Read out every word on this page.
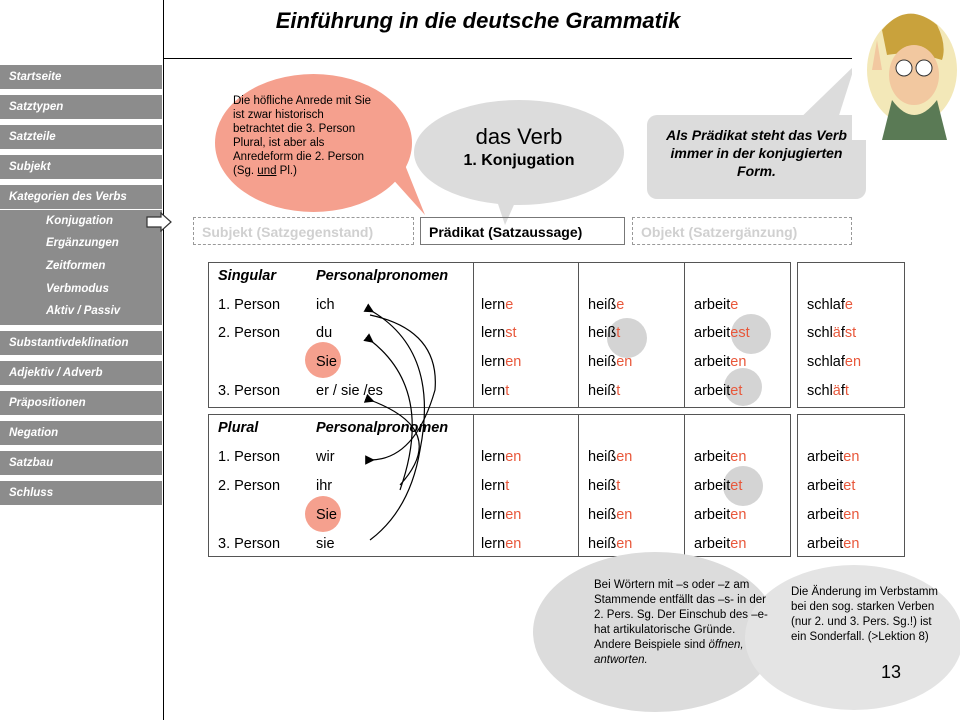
Einführung in die deutsche Grammatik
Startseite
Satztypen
Satzteile
Subjekt
Kategorien des Verbs
Konjugation
Ergänzungen
Zeitformen
Verbmodus
Aktiv / Passiv
Substantivdeklination
Adjektiv / Adverb
Präpositionen
Negation
Satzbau
Schluss
Die höfliche Anrede mit Sie ist zwar historisch betrachtet die 3. Person Plural, ist aber als Anredeform die 2. Person (Sg. und Pl.)
das Verb
1. Konjugation
Als Prädikat steht das Verb immer in der konjugierten Form.
Subjekt (Satzgegenstand)	Prädikat (Satzaussage)	Objekt (Satzergänzung)
Singular	Personalpronomen
1. Person ich	lerne	heiße	arbeite	schlafe
2. Person du	lernst	heißt	arbeitest	schläfst
Sie	lernen	heißen	arbeiten	schlafen
3. Person er / sie /es	lernt	heißt	arbeitet	schläft
Plural	Personalpronomen
1. Person wir	lernen	heißen	arbeiten	arbeiten
2. Person ihr	lernt	heißt	arbeitet	arbeitet
Sie	lernen	heißen	arbeiten	arbeiten
3. Person sie	lernen	heißen	arbeiten	arbeiten
Bei Wörtern mit –s oder –z am Stammende entfällt das –s- in der 2. Pers. Sg. Der Einschub des –e- hat artikulatorische Gründe. Andere Beispiele sind öffnen, antworten.
Die Änderung im Verbstamm bei den sog. starken Verben (nur 2. und 3. Pers. Sg.!) ist ein Sonderfall. (>Lektion 8)
13
